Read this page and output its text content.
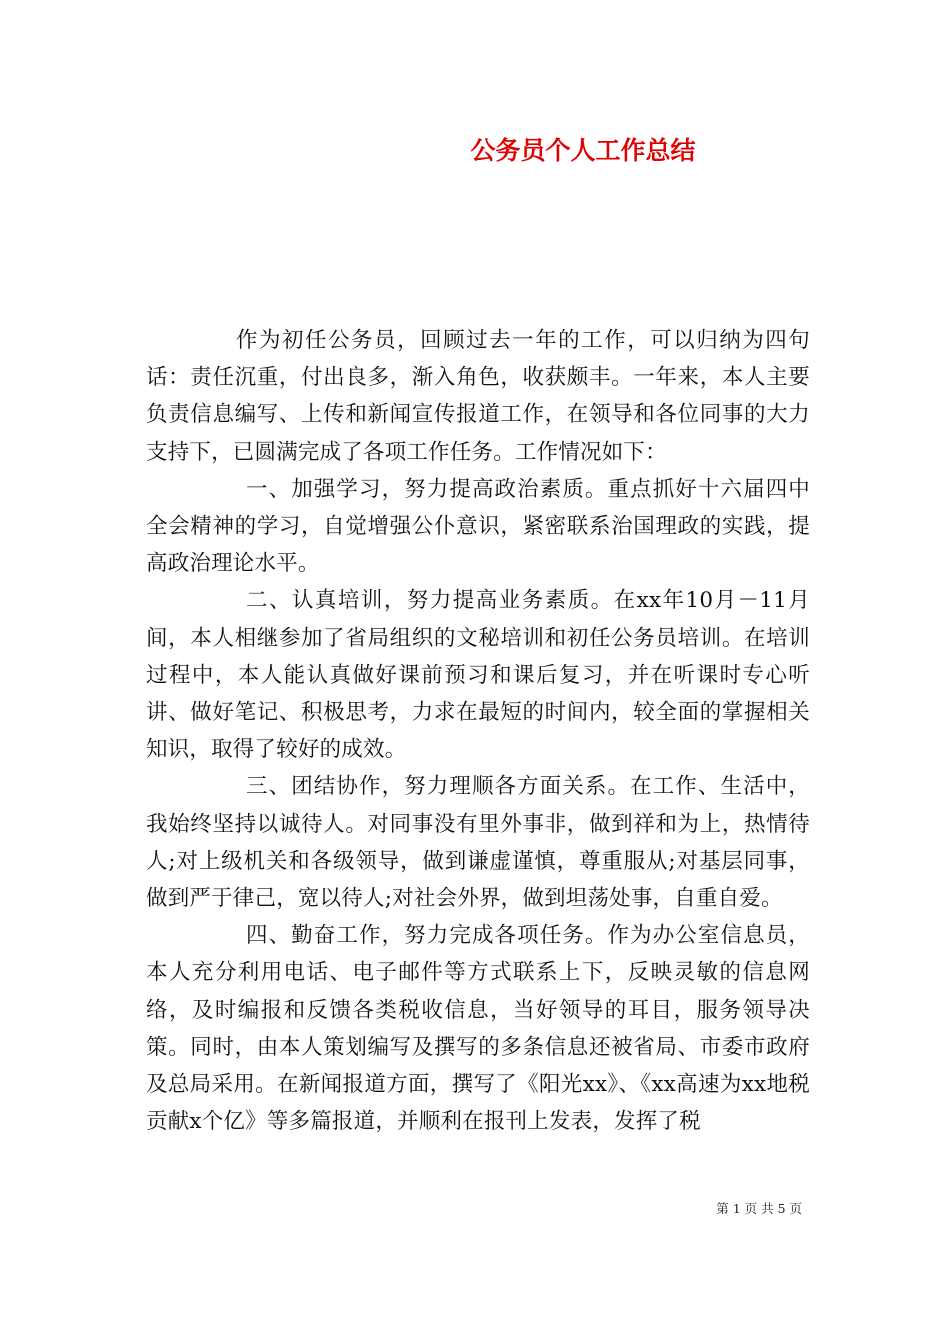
公务员个人工作总结

作为初任公务员，回顾过去一年的工作，可以归纳为四句话：责任沉重，付出良多，渐入角色，收获颇丰。一年来，本人主要负责信息编写、上传和新闻宣传报道工作，在领导和各位同事的大力支持下，已圆满完成了各项工作任务。工作情况如下：

一、加强学习，努力提高政治素质。重点抓好十六届四中全会精神的学习，自觉增强公仆意识，紧密联系治国理政的实践，提高政治理论水平。

二、认真培训，努力提高业务素质。在xx年10月－11月间，本人相继参加了省局组织的文秘培训和初任公务员培训。在培训过程中，本人能认真做好课前预习和课后复习，并在听课时专心听讲、做好笔记、积极思考，力求在最短的时间内，较全面的掌握相关知识，取得了较好的成效。

三、团结协作，努力理顺各方面关系。在工作、生活中，我始终坚持以诚待人。对同事没有里外事非，做到祥和为上，热情待人;对上级机关和各级领导，做到谦虚谨慎，尊重服从;对基层同事，做到严于律己，宽以待人;对社会外界，做到坦荡处事，自重自爱。

四、勤奋工作，努力完成各项任务。作为办公室信息员，本人充分利用电话、电子邮件等方式联系上下，反映灵敏的信息网络，及时编报和反馈各类税收信息，当好领导的耳目，服务领导决策。同时，由本人策划编写及撰写的多条信息还被省局、市委市政府及总局采用。在新闻报道方面，撰写了《阳光xx》、《xx高速为xx地税贡献x个亿》等多篇报道，并顺利在报刊上发表，发挥了税

第 1 页 共 5 页
